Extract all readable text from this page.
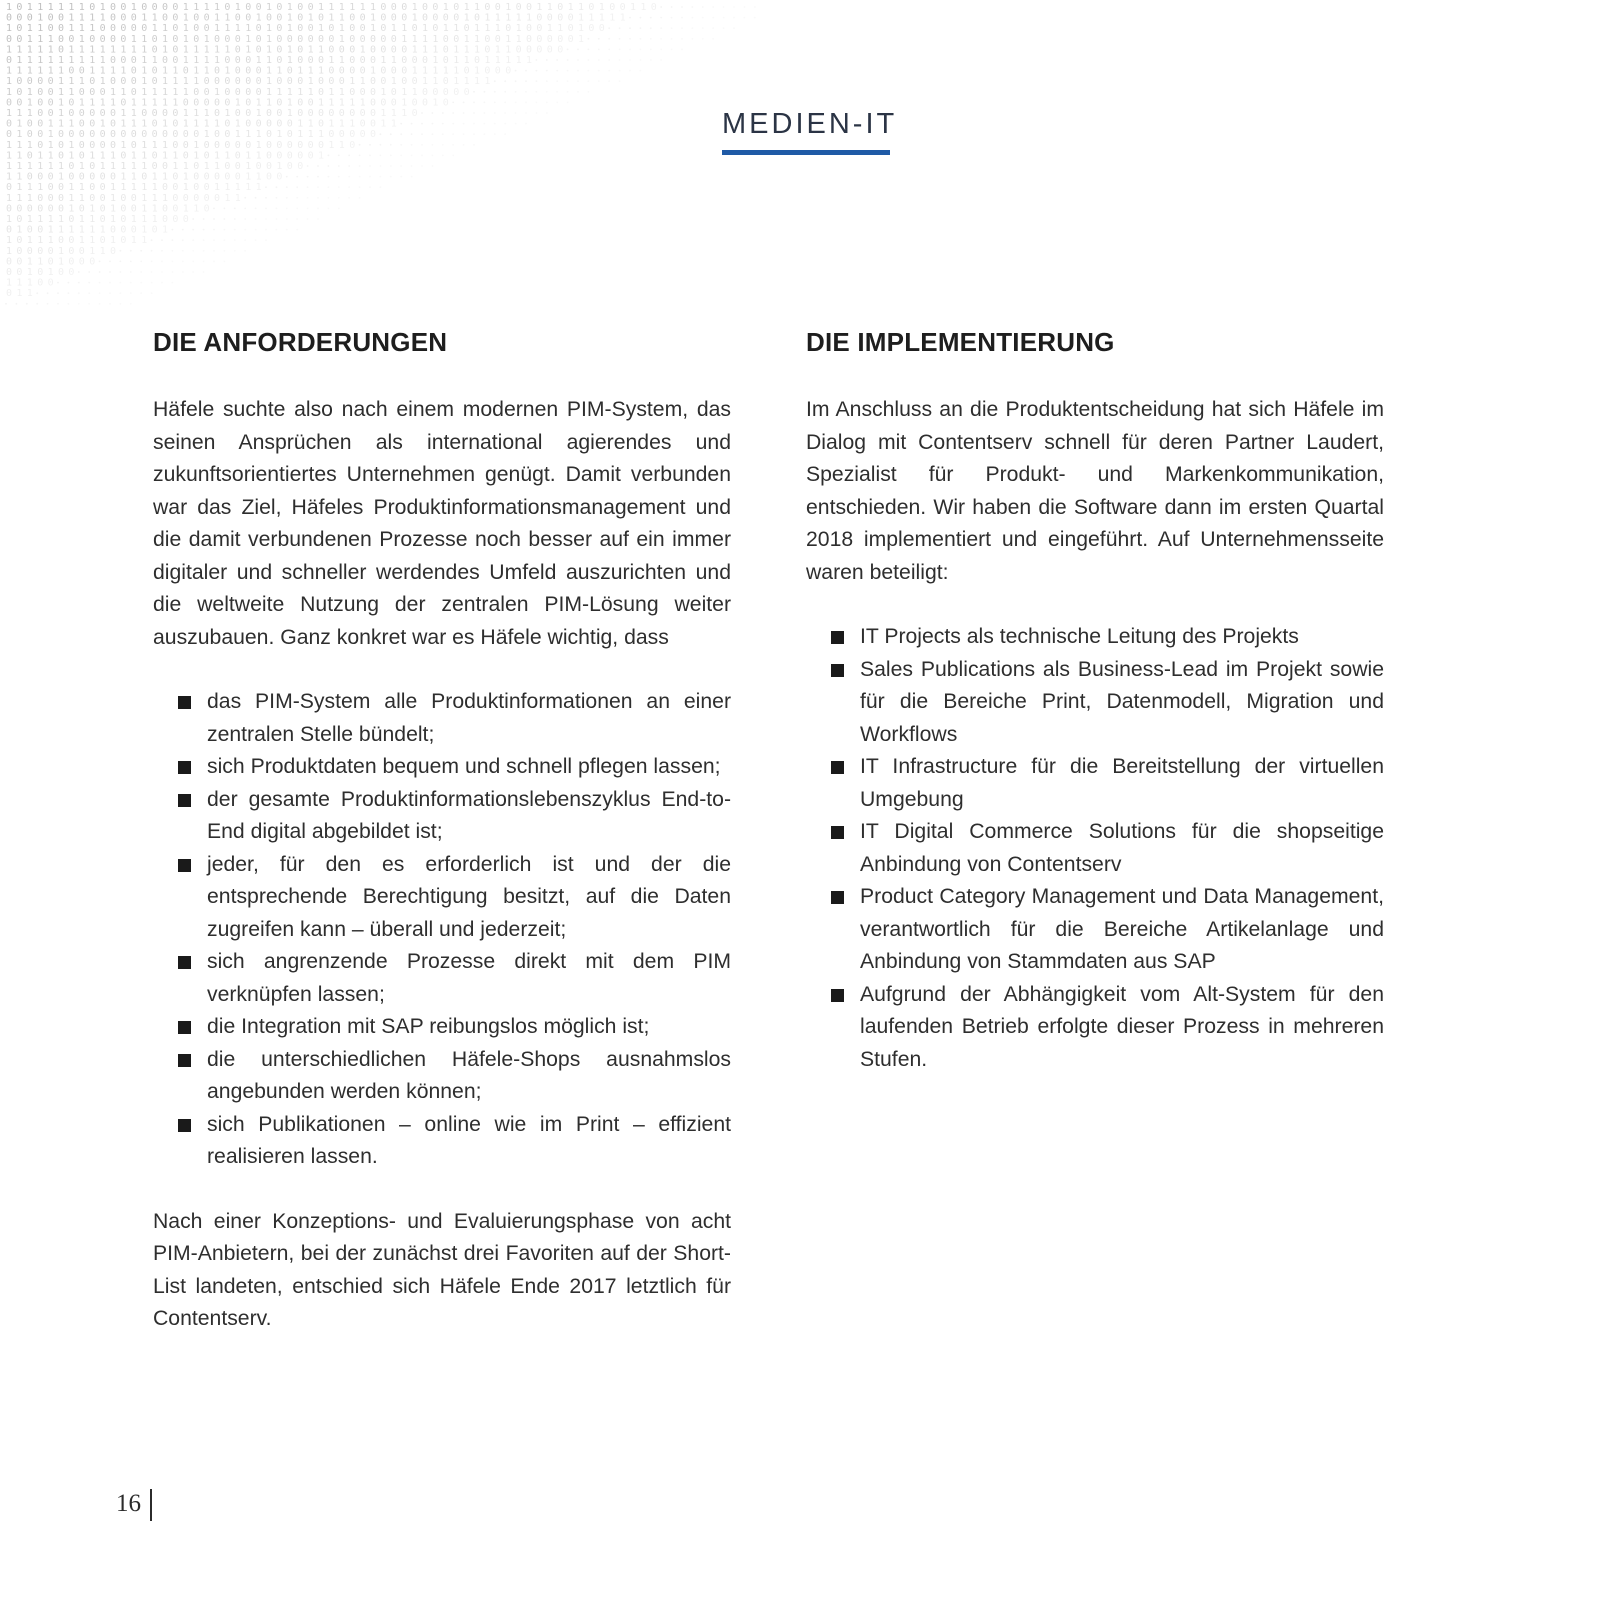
1 0 1 1 1 1 1 1 0 1 0 0 1 0 0 0 0 1 1 1 1 0 1 0 0 1 0 1 0 0 1 1 1 1 1 1 0 0 0 1 0 0 1 0 1 1 0 0 1 0 0 1 1 0 1 1 0 1 0 0 1 1 0
0 0 0 1 0 0 1 1 1 1 0 0 0 1 1 0 0 1 0 0 1 1 0 0 1 0 0 1 0 1 0 1 1 0 0 1 0 0 0 1 0 0 0 0 1 0 1 1 1 1 1 0 0 0 0 1 1 1 1 1
1 0 1 1 0 0 1 1 1 0 0 0 0 0 1 1 0 1 0 0 1 1 1 1 0 1 0 1 0 0 1 0 1 0 0 1 0 1 1 0 1 0 1 1 0 1 1 1 0 1 0 0 1 1 0 1 0 0
0 0 1 1 1 0 0 1 0 0 0 0 1 1 0 1 0 1 0 1 0 0 0 1 0 1 0 0 0 0 0 0 1 0 0 0 0 0 1 1 1 1 0 0 1 1 0 0 1 1 0 0 0 0 0 1
1 1 1 1 1 0 1 1 1 1 1 1 1 1 0 1 0 1 1 1 1 1 0 1 0 1 0 1 0 1 1 0 0 0 1 0 0 0 0 1 1 1 0 1 1 1 0 1 1 0 0 0 0 0
0 1 1 1 1 1 1 1 1 1 0 0 0 1 1 0 0 1 1 1 1 0 0 0 1 1 0 1 0 0 0 1 1 0 0 0 1 1 0 0 0 1 0 1 1 0 1 1 1 1 1
1 1 1 1 1 1 0 0 1 1 1 1 0 1 0 1 1 0 1 1 0 1 0 0 0 1 1 0 1 1 1 0 0 0 0 1 0 0 0 1 1 1 1 1 0 1 0 0 0
1 0 0 0 0 1 1 1 0 1 0 0 0 1 0 1 1 1 1 0 0 0 0 0 0 1 0 0 0 1 0 0 0 1 1 0 0 1 0 0 1 1 0 1 1 1 1
1 0 1 0 0 1 1 0 0 0 1 1 0 1 1 1 1 1 0 0 1 0 0 0 0 1 1 1 1 1 0 1 1 0 0 0 1 0 1 1 0 0 0 0 0
0 0 1 0 0 1 0 1 1 1 1 0 1 1 1 1 1 0 0 0 0 0 1 0 1 1 0 1 0 0 1 1 1 1 1 0 0 0 1 0 0 1 0
1 1 1 0 0 1 0 0 0 0 0 1 1 0 0 0 0 1 1 1 0 1 0 0 1 0 0 1 0 0 0 0 0 0 0 0 1 1 1 0
0 1 0 0 1 1 1 0 0 1 0 1 1 1 0 1 0 1 1 1 1 0 1 0 0 0 0 0 1 1 0 1 1 1 0 0 1 1
0 1 0 0 1 0 0 0 0 0 0 0 0 0 0 0 0 0 0 1 0 0 1 1 1 0 1 0 1 1 1 0 0 0 0 0
1 1 1 0 1 0 1 0 0 0 0 1 0 1 1 1 0 0 1 0 0 0 0 0 1 0 0 0 0 0 0 1 1 0
1 1 0 1 1 0 1 0 1 1 1 0 1 1 0 1 1 0 1 0 1 1 0 1 1 0 0 0 0 0 1
1 1 1 1 1 1 0 1 0 1 1 1 1 1 0 0 1 1 0 1 1 0 0 1 0 0 1 0 0
1 1 0 0 0 1 0 0 0 0 0 1 1 0 1 1 0 1 0 0 0 0 0 1 1 0 0
0 1 1 1 0 0 1 1 0 0 1 1 1 1 1 0 0 1 0 0 1 1 1 1 1
1 1 1 0 0 0 1 1 0 0 1 0 0 1 1 1 0 0 0 0 0 1 1
0 0 0 0 0 0 1 0 1 0 1 0 0 1 1 0 0 1 1 0
1 0 1 1 1 1 0 1 1 0 1 0 1 1 1 0 0 0
0 1 0 0 1 1 1 1 1 1 0 0 0 1 0 1
1 0 1 1 1 0 0 1 1 0 1 0 1 1
1 0 0 0 0 1 0 0 1 1 0
0 0 1 1 0 1 0 0 0
0 0 1 0 1 0 0
1 1 1 0 0
0 1 1
MEDIEN-IT
DIE ANFORDERUNGEN

Häfele suchte also nach einem modernen PIM-System, das seinen Ansprüchen als international agierendes und zukunftsorientiertes Unternehmen genügt. Damit verbunden war das Ziel, Häfeles Produktinformationsmanagement und die damit verbundenen Prozesse noch besser auf ein immer digitaler und schneller werdendes Umfeld auszurichten und die weltweite Nutzung der zentralen PIM-Lösung weiter auszubauen. Ganz konkret war es Häfele wichtig, dass

das PIM-System alle Produktinformationen an einer zentralen Stelle bündelt;
sich Produktdaten bequem und schnell pflegen lassen;
der gesamte Produktinformationslebenszyklus End-to-End digital abgebildet ist;
jeder, für den es erforderlich ist und der die entsprechende Berechtigung besitzt, auf die Daten zugreifen kann – überall und jederzeit;
sich angrenzende Prozesse direkt mit dem PIM verknüpfen lassen;
die Integration mit SAP reibungslos möglich ist;
die unterschiedlichen Häfele-Shops ausnahmslos angebunden werden können;
sich Publikationen – online wie im Print – effizient realisieren lassen.

Nach einer Konzeptions- und Evaluierungsphase von acht PIM-Anbietern, bei der zunächst drei Favoriten auf der Short-List landeten, entschied sich Häfele Ende 2017 letztlich für Contentserv.

DIE IMPLEMENTIERUNG

Im Anschluss an die Produktentscheidung hat sich Häfele im Dialog mit Contentserv schnell für deren Partner Laudert, Spezialist für Produkt- und Markenkommunikation, entschieden. Wir haben die Software dann im ersten Quartal 2018 implementiert und eingeführt. Auf Unternehmensseite waren beteiligt:

IT Projects als technische Leitung des Projekts
Sales Publications als Business-Lead im Projekt sowie für die Bereiche Print, Datenmodell, Migration und Workflows
IT Infrastructure für die Bereitstellung der virtuellen Umgebung
IT Digital Commerce Solutions für die shopseitige Anbindung von Contentserv
Product Category Management und Data Management, verantwortlich für die Bereiche Artikelanlage und Anbindung von Stammdaten aus SAP
Aufgrund der Abhängigkeit vom Alt-System für den laufenden Betrieb erfolgte dieser Prozess in mehreren Stufen.
16
